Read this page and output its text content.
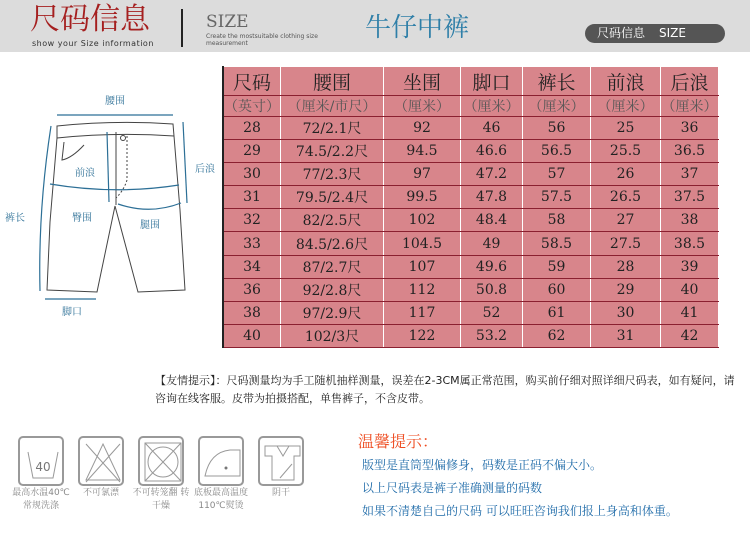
尺码信息
show your Size information
SIZE
Create the mostsuitable clothing size measurement
牛仔中裤	尺码信息 SIZE
腰围
后浪
前浪
裤长	臀围
腿围
脚口
尺码	腰围	坐围	脚口	裤长	前浪	后浪
（英寸）	（厘米/市尺）	（厘米）	（厘米）	（厘米）	（厘米）	（厘米）
28	72/2.1尺	92	46	56	25	36
29	74.5/2.2尺	94.5	46.6	56.5	25.5	36.5
30	77/2.3尺	97	47.2	57	26	37
31	79.5/2.4尺	99.5	47.8	57.5	26.5	37.5
32	82/2.5尺	102	48.4	58	27	38
33	84.5/2.6尺	104.5	49	58.5	27.5	38.5
34	87/2.7尺	107	49.6	59	28	39
36	92/2.8尺	112	50.8	60	29	40
38	97/2.9尺	117	52	61	30	41
40	102/3尺	122	53.2	62	31	42
【友情提示】：尺码测量均为手工随机抽样测量，误差在2-3CM属正常范围，购买前仔细对照详细尺码表，如有疑问，请咨询在线客服。皮带为拍摄搭配，单售裤子，不含皮带。
40
最高水温40℃ 常规洗涤
不可氯漂	不可转笼翻 转干燥
底板最高温度 110℃熨烫
阴干
温馨提示：
版型是直筒型偏修身，码数是正码不偏大小。
以上尺码表是裤子准确测量的码数
如果不清楚自己的尺码 可以旺旺咨询我们报上身高和体重。
